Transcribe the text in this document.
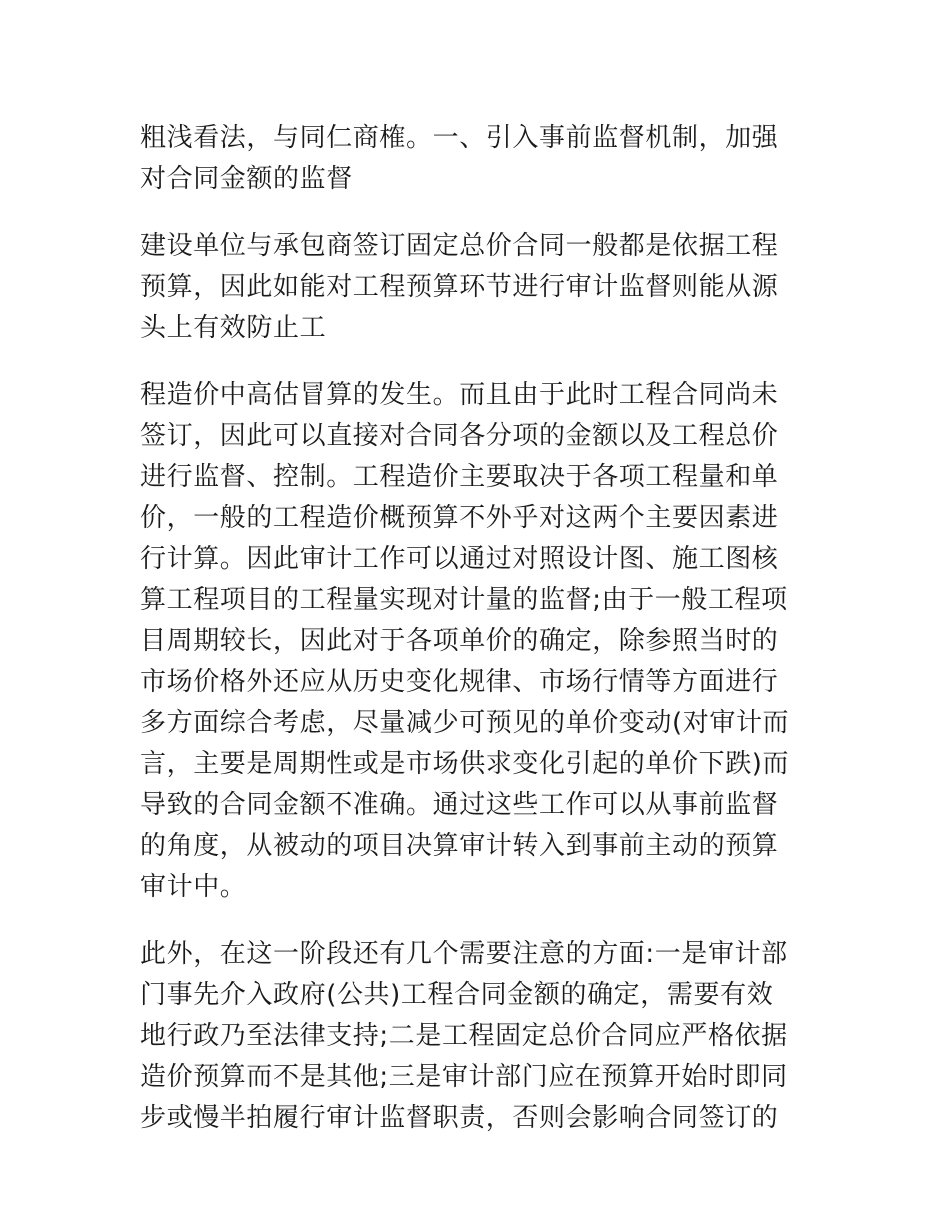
粗浅看法，与同仁商榷。一、引入事前监督机制，加强
对合同金额的监督

建设单位与承包商签订固定总价合同一般都是依据工程
预算，因此如能对工程预算环节进行审计监督则能从源
头上有效防止工

程造价中高估冒算的发生。而且由于此时工程合同尚未
签订，因此可以直接对合同各分项的金额以及工程总价
进行监督、控制。工程造价主要取决于各项工程量和单
价，一般的工程造价概预算不外乎对这两个主要因素进
行计算。因此审计工作可以通过对照设计图、施工图核
算工程项目的工程量实现对计量的监督;由于一般工程项
目周期较长，因此对于各项单价的确定，除参照当时的
市场价格外还应从历史变化规律、市场行情等方面进行
多方面综合考虑，尽量减少可预见的单价变动(对审计而
言，主要是周期性或是市场供求变化引起的单价下跌)而
导致的合同金额不准确。通过这些工作可以从事前监督
的角度，从被动的项目决算审计转入到事前主动的预算
审计中。

此外，在这一阶段还有几个需要注意的方面:一是审计部
门事先介入政府(公共)工程合同金额的确定，需要有效
地行政乃至法律支持;二是工程固定总价合同应严格依据
造价预算而不是其他;三是审计部门应在预算开始时即同
步或慢半拍履行审计监督职责，否则会影响合同签订的
